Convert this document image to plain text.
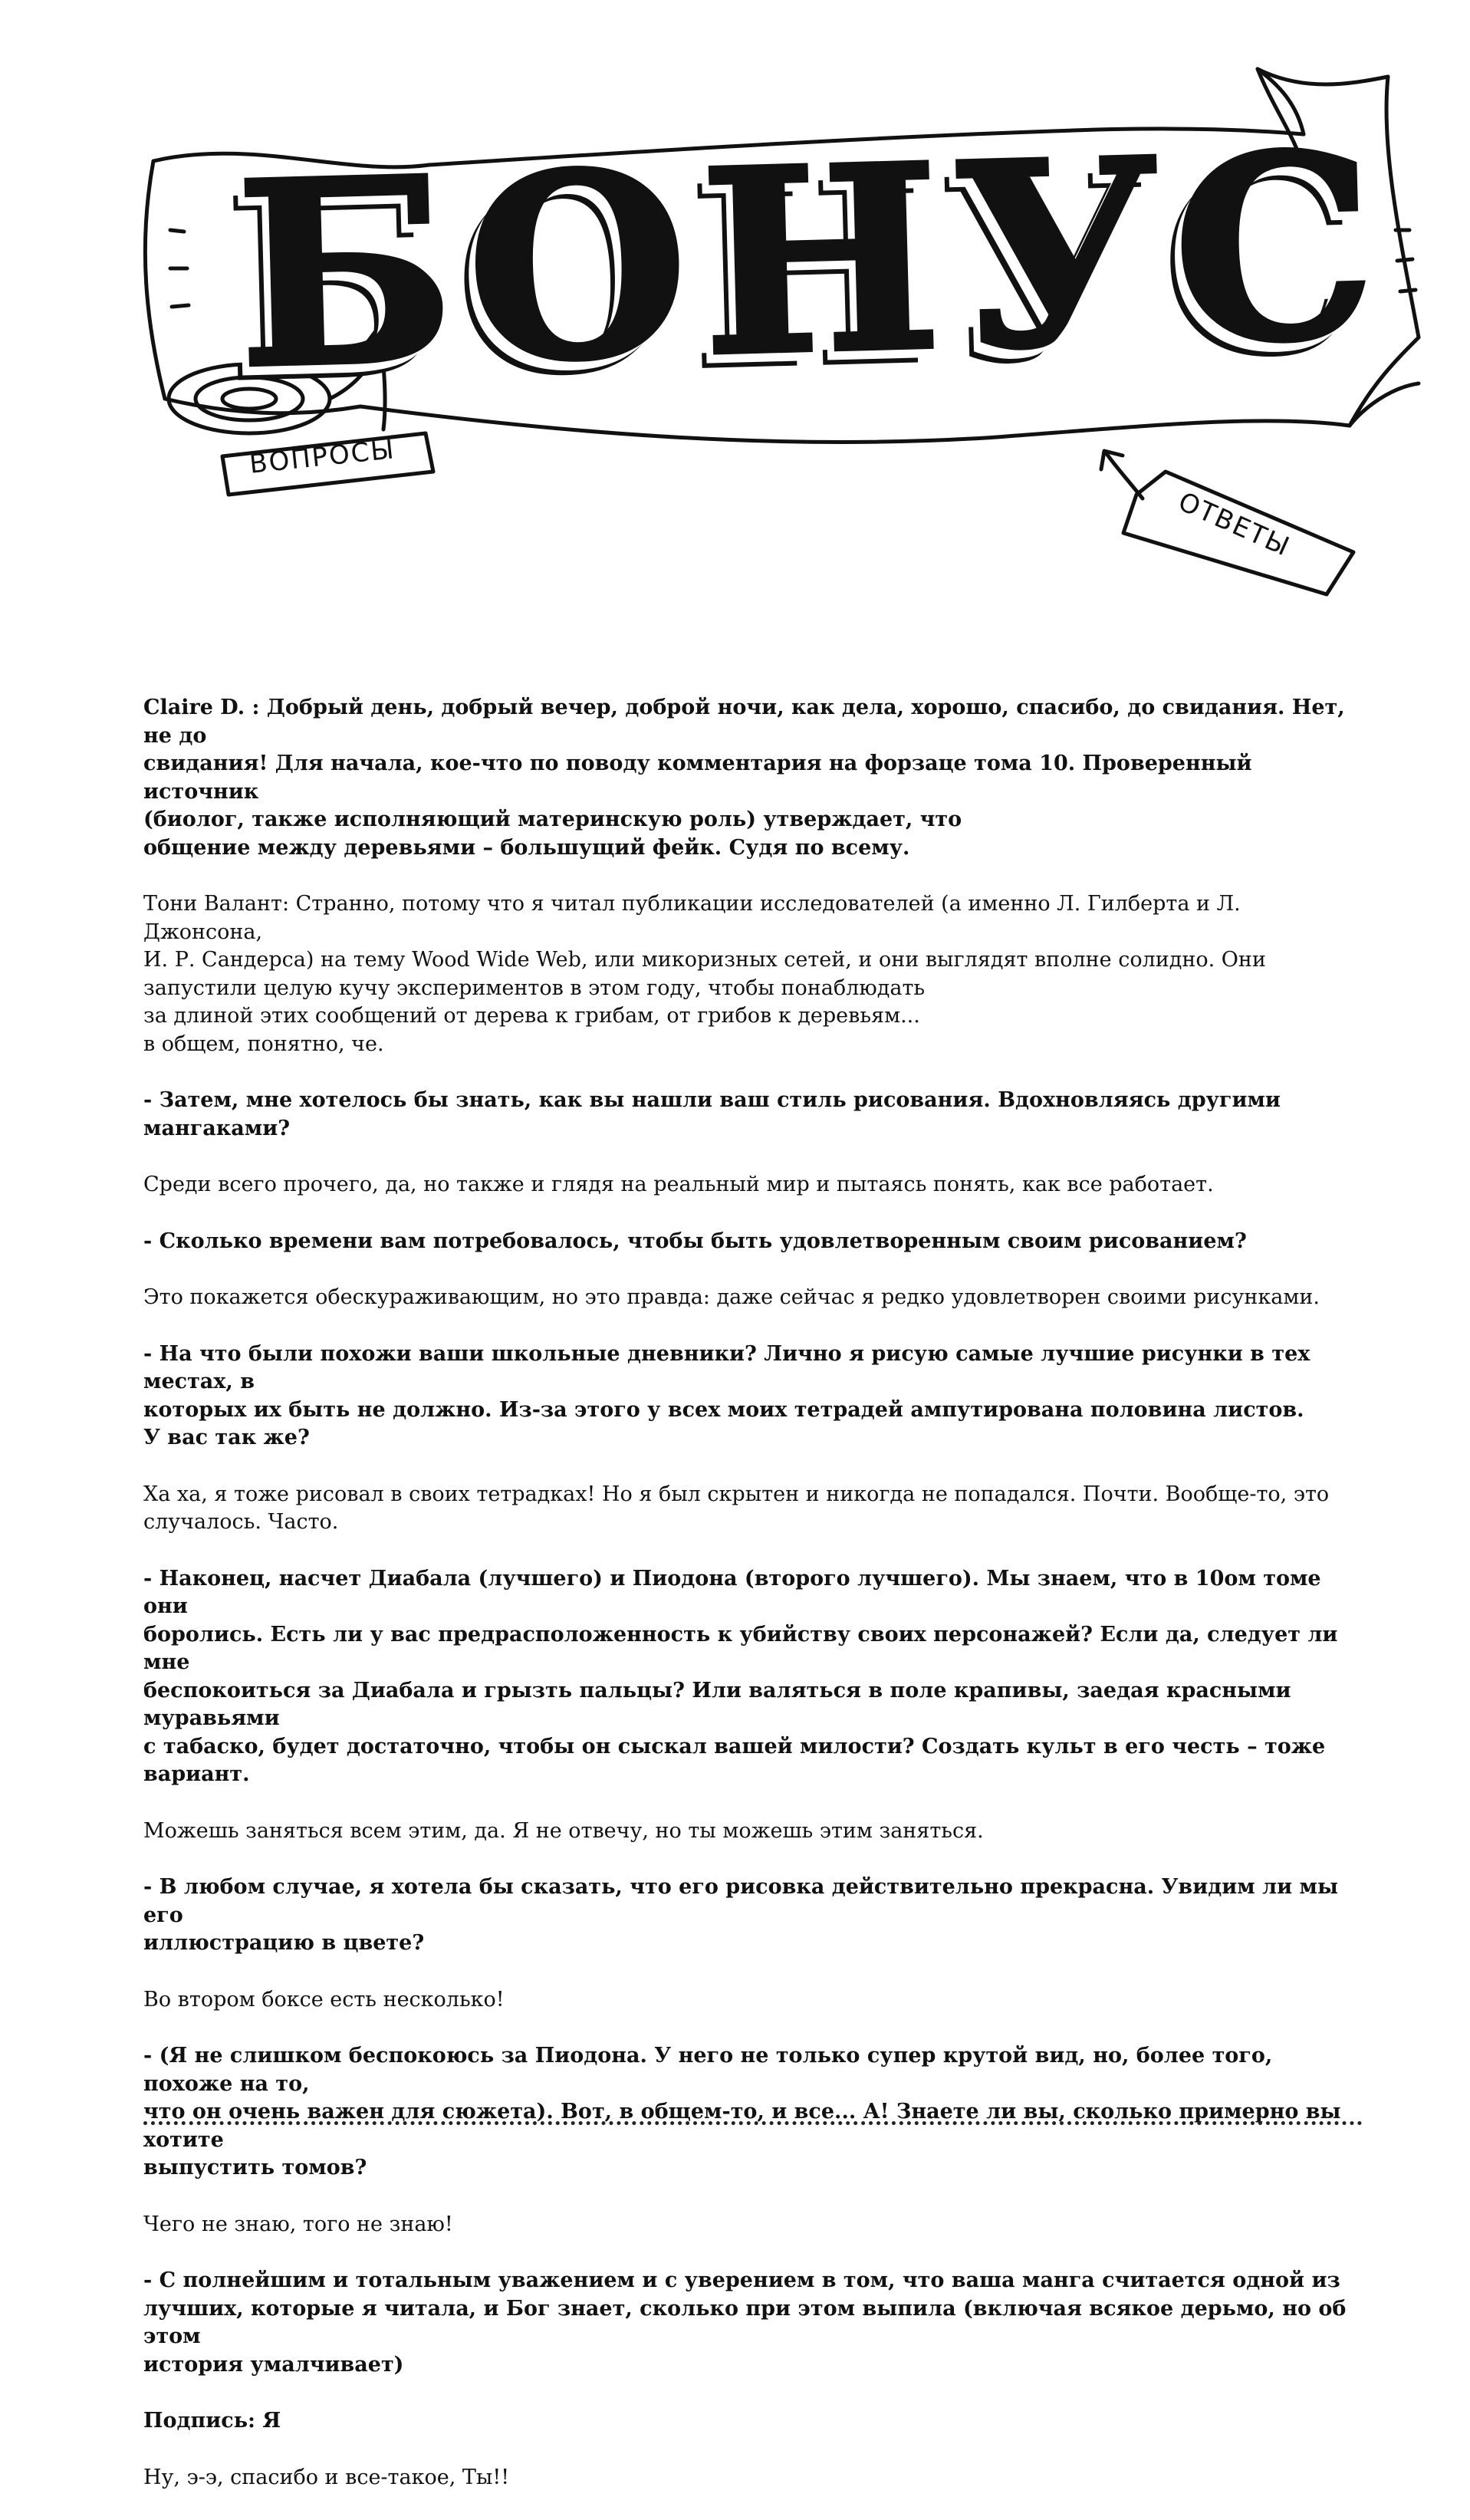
БОНУС
ВОПРОСЫ
ОТВЕТЫ

Claire D. : Добрый день, добрый вечер, доброй ночи, как дела, хорошо, спасибо, до свидания. Нет, не до
свидания! Для начала, кое-что по поводу комментария на форзаце тома 10. Проверенный источник
(биолог, также исполняющий материнскую роль) утверждает, что
общение между деревьями – большущий фейк. Судя по всему.

Тони Валант: Странно, потому что я читал публикации исследователей (а именно Л. Гилберта и Л. Джонсона,
И. Р. Сандерса) на тему Wood Wide Web, или микоризных сетей, и они выглядят вполне солидно. Они
запустили целую кучу экспериментов в этом году, чтобы понаблюдать
за длиной этих сообщений от дерева к грибам, от грибов к деревьям...
в общем, понятно, че.

- Затем, мне хотелось бы знать, как вы нашли ваш стиль рисования. Вдохновляясь другими мангаками?

Среди всего прочего, да, но также и глядя на реальный мир и пытаясь понять, как все работает.

- Сколько времени вам потребовалось, чтобы быть удовлетворенным своим рисованием?

Это покажется обескураживающим, но это правда: даже сейчас я редко удовлетворен своими рисунками.

- На что были похожи ваши школьные дневники? Лично я рисую самые лучшие рисунки в тех местах, в
которых их быть не должно. Из-за этого у всех моих тетрадей ампутирована половина листов.
У вас так же?

Ха ха, я тоже рисовал в своих тетрадках! Но я был скрытен и никогда не попадался. Почти. Вообще-то, это
случалось. Часто.

- Наконец, насчет Диабала (лучшего) и Пиодона (второго лучшего). Мы знаем, что в 10ом томе они
боролись. Есть ли у вас предрасположенность к убийству своих персонажей? Если да, следует ли мне
беспокоиться за Диабала и грызть пальцы? Или валяться в поле крапивы, заедая красными муравьями
с табаско, будет достаточно, чтобы он сыскал вашей милости? Создать культ в его честь – тоже вариант.

Можешь заняться всем этим, да. Я не отвечу, но ты можешь этим заняться.

- В любом случае, я хотела бы сказать, что его рисовка действительно прекрасна. Увидим ли мы его
иллюстрацию в цвете?

Во втором боксе есть несколько!

- (Я не слишком беспокоюсь за Пиодона. У него не только супер крутой вид, но, более того, похоже на то,
что он очень важен для сюжета). Вот, в общем-то, и все... А! Знаете ли вы, сколько примерно вы хотите
выпустить томов?

Чего не знаю, того не знаю!

- С полнейшим и тотальным уважением и с уверением в том, что ваша манга считается одной из
лучших, которые я читала, и Бог знает, сколько при этом выпила (включая всякое дерьмо, но об этом
история умалчивает)

Подпись: Я

Ну, э-э, спасибо и все-такое, Ты!!
